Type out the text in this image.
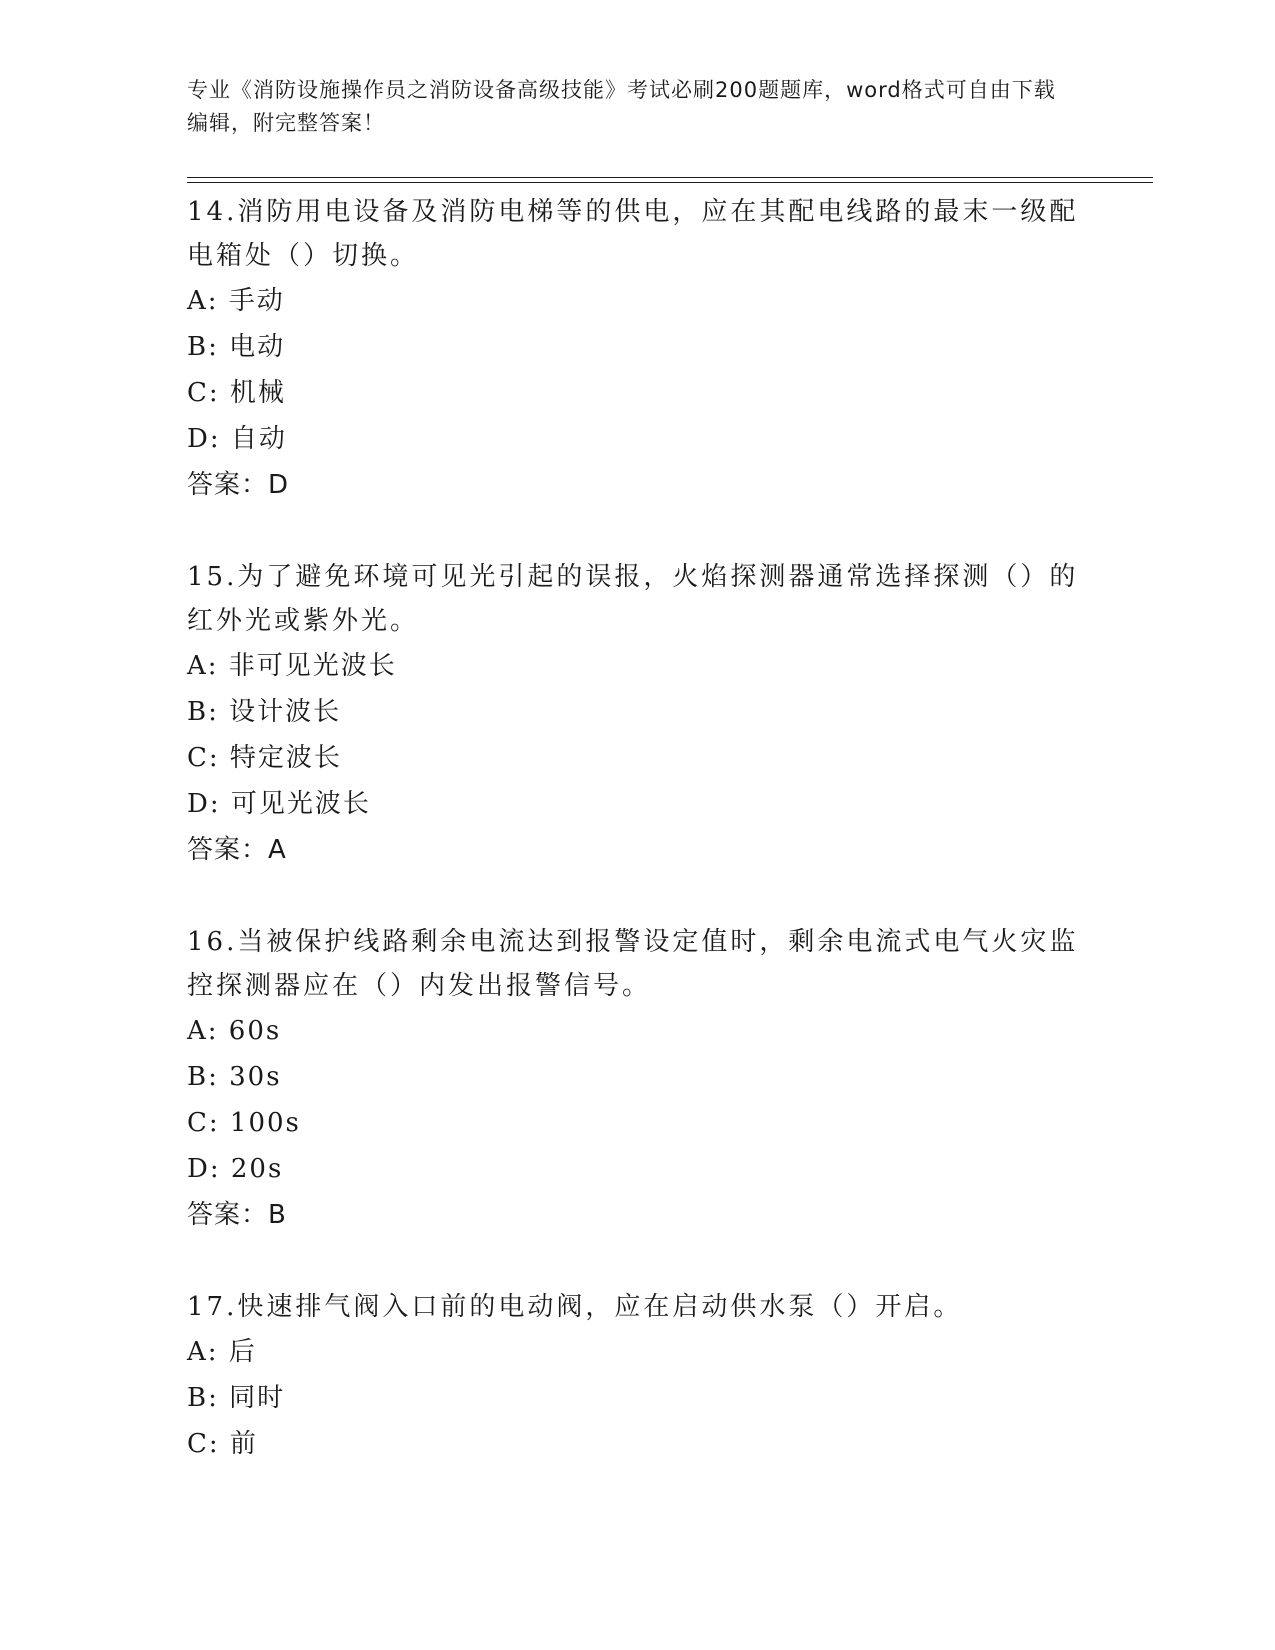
专业《消防设施操作员之消防设备高级技能》考试必刷200题题库，word格式可自由下载编辑，附完整答案！

14.消防用电设备及消防电梯等的供电，应在其配电线路的最末一级配电箱处（）切换。

A: 手动

B: 电动

C: 机械

D: 自动

答案：D

15.为了避免环境可见光引起的误报，火焰探测器通常选择探测（）的红外光或紫外光。

A: 非可见光波长

B: 设计波长

C: 特定波长

D: 可见光波长

答案：A

16.当被保护线路剩余电流达到报警设定值时，剩余电流式电气火灾监控探测器应在（）内发出报警信号。

A: 60s

B: 30s

C: 100s

D: 20s

答案：B

17.快速排气阀入口前的电动阀，应在启动供水泵（）开启。

A: 后

B: 同时

C: 前
